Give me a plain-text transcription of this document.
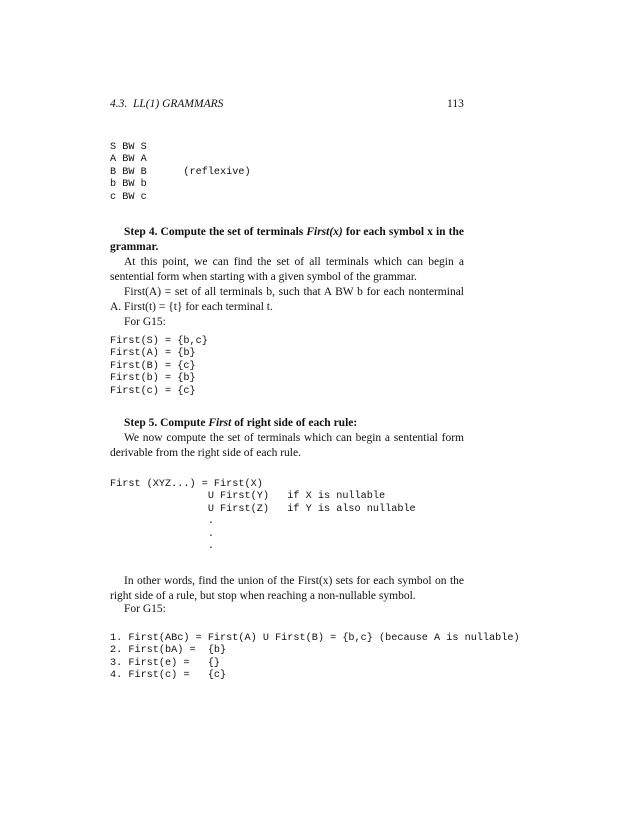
4.3.  LL(1) GRAMMARS	113
S BW S
A BW A
B BW B      (reflexive)
b BW b
c BW c
Step 4. Compute the set of terminals First(x) for each symbol x in the grammar.
At this point, we can find the set of all terminals which can begin a sentential form when starting with a given symbol of the grammar.
First(A) = set of all terminals b, such that A BW b for each nonterminal A. First(t) = {t} for each terminal t.
For G15:
First(S) = {b,c}
First(A) = {b}
First(B) = {c}
First(b) = {b}
First(c) = {c}
Step 5. Compute First of right side of each rule:
We now compute the set of terminals which can begin a sentential form derivable from the right side of each rule.
First (XYZ...) = First(X)
U First(Y)   if X is nullable
U First(Z)   if Y is also nullable
.
.
.
In other words, find the union of the First(x) sets for each symbol on the right side of a rule, but stop when reaching a non-nullable symbol.
For G15:
1. First(ABc) = First(A) U First(B) = {b,c} (because A is nullable)
2. First(bA) =  {b}
3. First(e) =   {}
4. First(c) =   {c}
